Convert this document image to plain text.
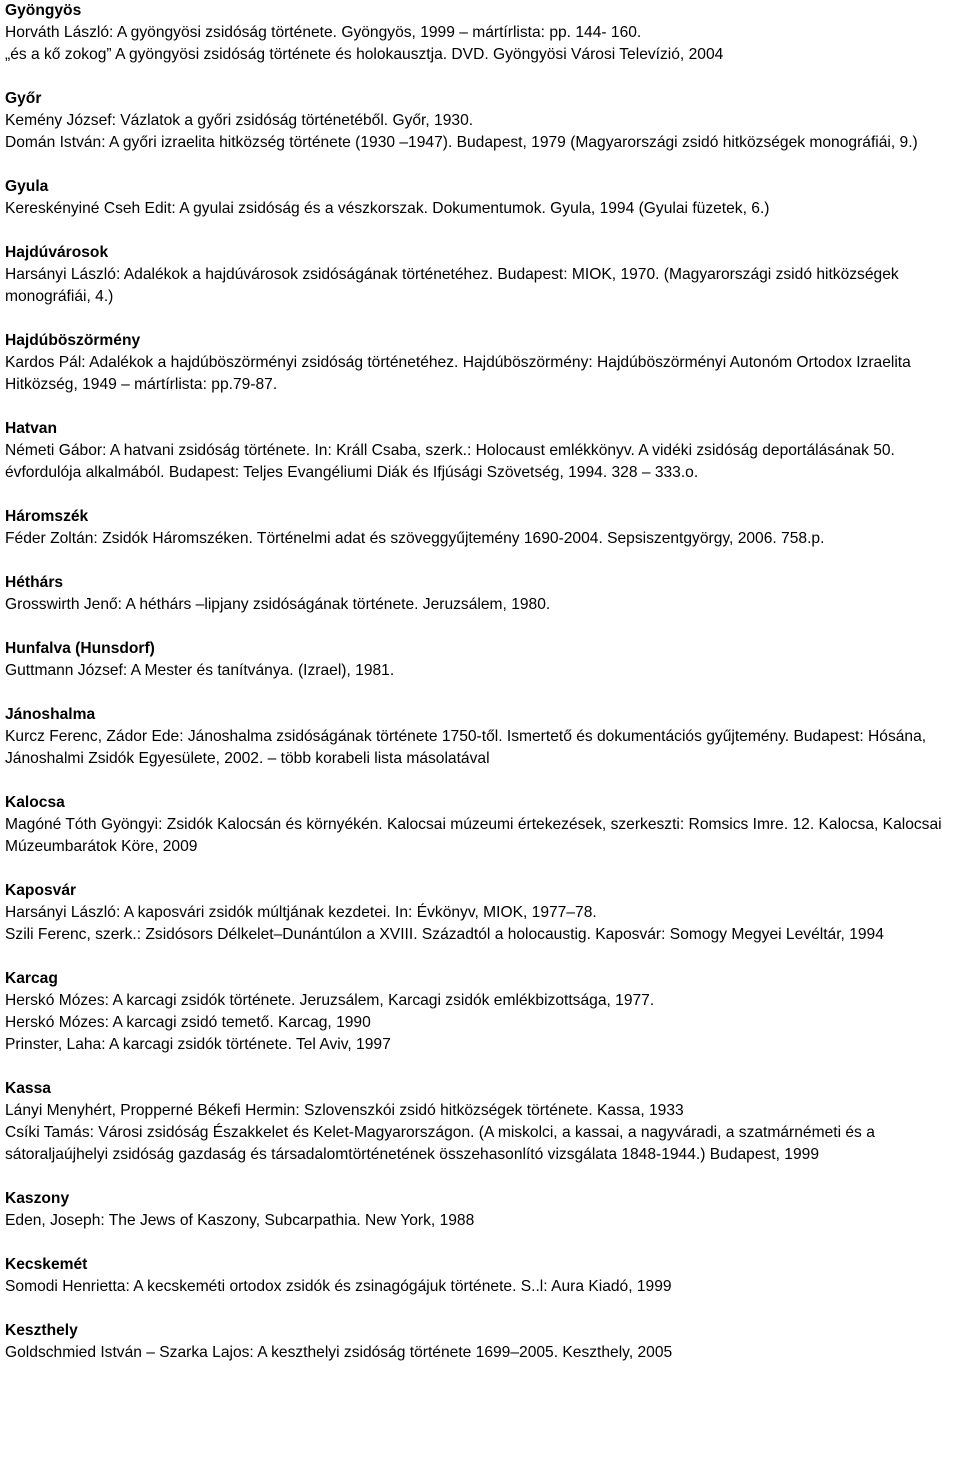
Gyöngyös

Horváth László: A gyöngyösi zsidóság története. Gyöngyös, 1999 ‒ mártírlista: pp. 144- 160.

„és a kő zokog” A gyöngyösi zsidóság története és holokausztja. DVD. Gyöngyösi Városi Televízió, 2004

Győr

Kemény József: Vázlatok a győri zsidóság történetéből. Győr, 1930.

Domán István: A győri izraelita hitközség története (1930 ‒1947). Budapest, 1979 (Magyarországi zsidó hitközségek monográfiái, 9.)

Gyula

Kereskényiné Cseh Edit: A gyulai zsidóság és a vészkorszak. Dokumentumok. Gyula, 1994 (Gyulai füzetek, 6.)

Hajdúvárosok

Harsányi László: Adalékok a hajdúvárosok zsidóságának történetéhez. Budapest: MIOK, 1970. (Magyarországi zsidó hitközségek monográfiái, 4.)

Hajdúböszörmény

Kardos Pál: Adalékok a hajdúböszörményi zsidóság történetéhez. Hajdúböszörmény: Hajdúböszörményi Autonóm Ortodox Izraelita Hitközség, 1949 ‒ mártírlista: pp.79-87.

Hatvan

Németi Gábor: A hatvani zsidóság története. In: Králl Csaba, szerk.: Holocaust emlékkönyv. A vidéki zsidóság deportálásának 50. évfordulója alkalmából. Budapest: Teljes Evangéliumi Diák és Ifjúsági Szövetség, 1994. 328 ‒ 333.o.

Háromszék

Féder Zoltán: Zsidók Háromszéken. Történelmi adat és szöveggyűjtemény 1690-2004. Sepsiszentgyörgy, 2006. 758.p.

Héthárs

Grosswirth Jenő: A héthárs ‒lipjany zsidóságának története. Jeruzsálem, 1980.

Hunfalva (Hunsdorf)

Guttmann József: A Mester és tanítványa. (Izrael), 1981.

Jánoshalma

Kurcz Ferenc, Zádor Ede: Jánoshalma zsidóságának története 1750-től. Ismertető és dokumentációs gyűjtemény. Budapest: Hósána, Jánoshalmi Zsidók Egyesülete, 2002. ‒ több korabeli lista másolatával

Kalocsa

Magóné Tóth Gyöngyi: Zsidók Kalocsán és környékén. Kalocsai múzeumi értekezések, szerkeszti: Romsics Imre. 12. Kalocsa, Kalocsai Múzeumbarátok Köre, 2009

Kaposvár

Harsányi László: A kaposvári zsidók múltjának kezdetei. In: Évkönyv, MIOK, 1977‒78.

Szili Ferenc, szerk.: Zsidósors Délkelet‒Dunántúlon a XVIII. Századtól a holocaustig. Kaposvár: Somogy Megyei Levéltár, 1994

Karcag

Herskó Mózes: A karcagi zsidók története. Jeruzsálem, Karcagi zsidók emlékbizottsága, 1977.

Herskó Mózes: A karcagi zsidó temető. Karcag, 1990

Prinster, Laha: A karcagi zsidók története. Tel Aviv, 1997

Kassa

Lányi Menyhért, Propperné Békefi Hermin: Szlovenszkói zsidó hitközségek története. Kassa, 1933

Csíki Tamás: Városi zsidóság Északkelet és Kelet-Magyarországon. (A miskolci, a kassai, a nagyváradi, a szatmárnémeti és a sátoraljaújhelyi zsidóság gazdaság és társadalomtörténetének összehasonlító vizsgálata 1848-1944.) Budapest, 1999

Kaszony

Eden, Joseph: The Jews of Kaszony, Subcarpathia. New York, 1988

Kecskemét

Somodi Henrietta: A kecskeméti ortodox zsidók és zsinagógájuk története. S..l: Aura Kiadó, 1999

Keszthely

Goldschmied István ‒ Szarka Lajos: A keszthelyi zsidóság története 1699‒2005. Keszthely, 2005
